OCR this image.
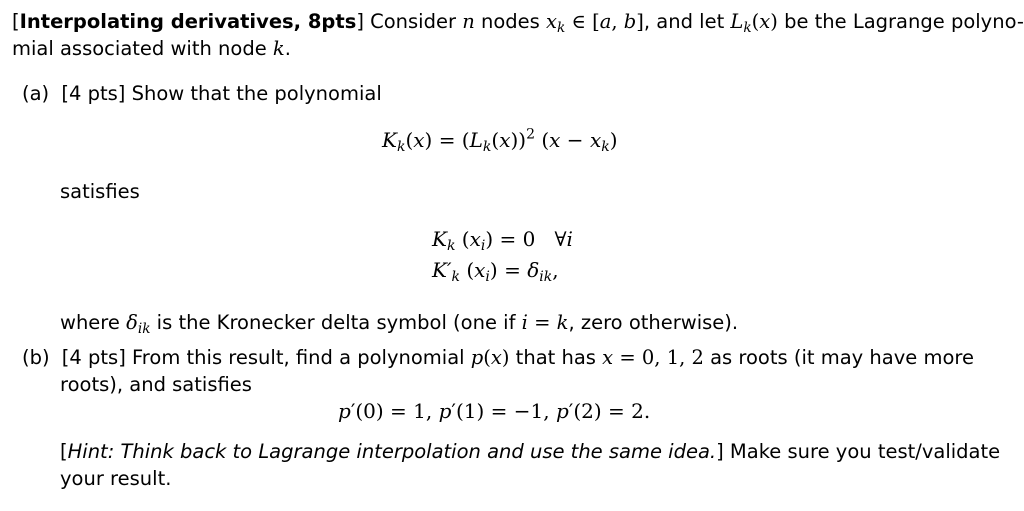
[Interpolating derivatives, 8pts] Consider n nodes $x_k$ ∈ [a, b], and let $L_k(x)$ be the Lagrange polyno-
mial associated with node k.
(a) [4 pts] Show that the polynomial
$K_k(x) = (L_k(x))^2$ $(x - x_k)$
satisfies
$K_k$ $(x_i) = 0$   ∀i
$K'_k$ $(x_i) = \delta_{ik}$,
where $\delta_{ik}$ is the Kronecker delta symbol (one if i = k, zero otherwise).
(b) [4 pts] From this result, find a polynomial p(x) that has x = 0, 1, 2 as roots (it may have more
roots), and satisfies
p′(0) = 1, p′(1) = −1, p′(2) = 2.
[Hint: Think back to Lagrange interpolation and use the same idea.] Make sure you test/validate
your result.
